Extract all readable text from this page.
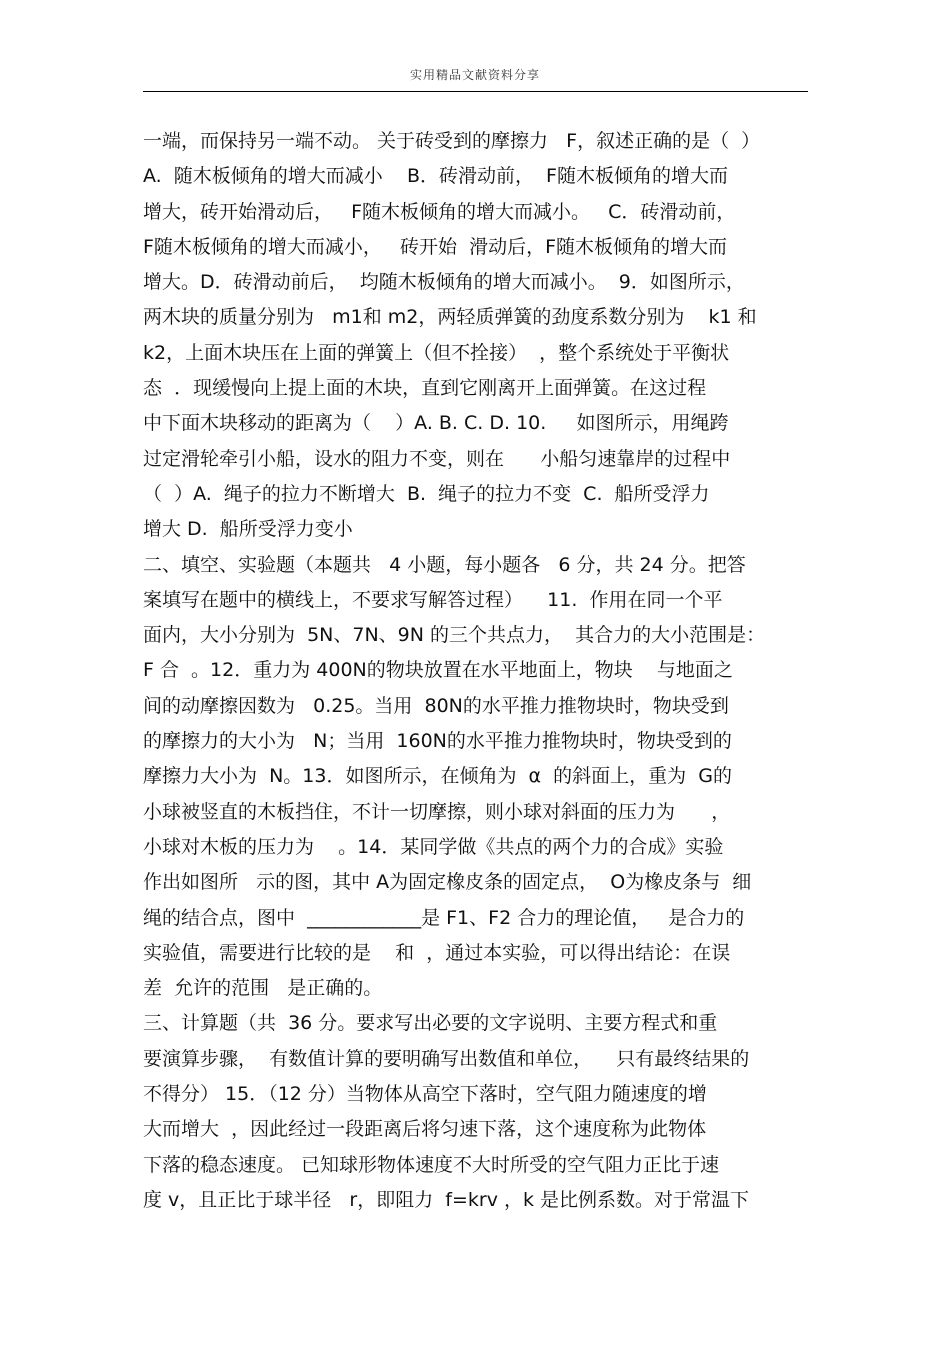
实用精品文献资料分享
一端，而保持另一端不动。 关于砖受到的摩擦力   F，叙述正确的是（  ）
A.  随木板倾角的增大而减小    B．砖滑动前，  F随木板倾角的增大而
增大，砖开始滑动后，   F随木板倾角的增大而减小。   C．砖滑动前，
F随木板倾角的增大而减小，   砖开始  滑动后，F随木板倾角的增大而
增大。D．砖滑动前后，  均随木板倾角的增大而减小。  9．如图所示，
两木块的质量分别为   m1和 m2，两轻质弹簧的劲度系数分别为    k1 和
k2，上面木块压在上面的弹簧上（但不拴接）  ，整个系统处于平衡状
态  ．现缓慢向上提上面的木块，直到它刚离开上面弹簧。在这过程
中下面木块移动的距离为（    ）A. B. C. D. 10.     如图所示，用绳跨
过定滑轮牵引小船，设水的阻力不变，则在      小船匀速靠岸的过程中
（  ）A.  绳子的拉力不断增大  B.  绳子的拉力不变  C.  船所受浮力
增大 D.  船所受浮力变小
二、填空、实验题（本题共   4 小题，每小题各   6 分，共 24 分。把答
案填写在题中的横线上，不要求写解答过程）    11.  作用在同一个平
面内，大小分别为  5N、7N、9N 的三个共点力，  其合力的大小范围是：
F 合  。12．重力为 400N的物块放置在水平地面上，物块    与地面之
间的动摩擦因数为   0.25。当用  80N的水平推力推物块时，物块受到
的摩擦力的大小为   N；当用  160N的水平推力推物块时，物块受到的
摩擦力大小为  N。13．如图所示，在倾角为  α  的斜面上，重为  G的
小球被竖直的木板挡住，不计一切摩擦，则小球对斜面的压力为      ，
小球对木板的压力为    。14．某同学做《共点的两个力的合成》实验
作出如图所   示的图，其中 A为固定橡皮条的固定点，  O为橡皮条与  细
绳的结合点，图中  ____________是 F1、F2 合力的理论值，   是合力的
实验值，需要进行比较的是    和  ，通过本实验，可以得出结论：在误
差  允许的范围   是正确的。
三、计算题（共  36 分。要求写出必要的文字说明、主要方程式和重
要演算步骤，  有数值计算的要明确写出数值和单位，    只有最终结果的
不得分） 15．（12 分）当物体从高空下落时，空气阻力随速度的增
大而增大  ，因此经过一段距离后将匀速下落，这个速度称为此物体
下落的稳态速度。 已知球形物体速度不大时所受的空气阻力正比于速
度 v，且正比于球半径   r，即阻力  f=krv ，k 是比例系数。对于常温下
